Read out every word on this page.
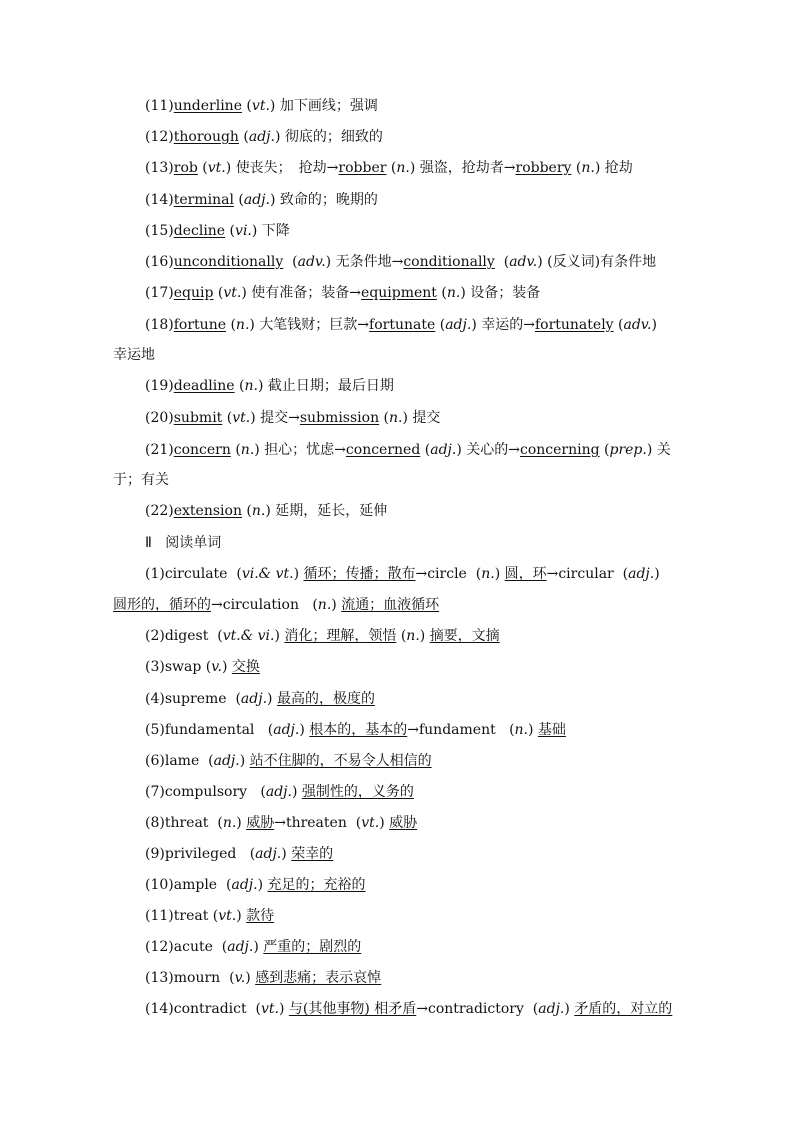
(11)underline (vt.) 加下画线；强调
(12)thorough (adj.) 彻底的；细致的
(13)rob (vt.) 使丧失；　抢劫→robber (n.) 强盗，抢劫者→robbery (n.) 抢劫
(14)terminal (adj.) 致命的；晚期的
(15)decline (vi.) 下降
(16)unconditionally  (adv.) 无条件地→conditionally  (adv.) (反义词)有条件地
(17)equip (vt.) 使有准备；装备→equipment (n.) 设备；装备
(18)fortune (n.) 大笔钱财；巨款→fortunate (adj.) 幸运的→fortunately (adv.)
幸运地
(19)deadline (n.) 截止日期；最后日期
(20)submit (vt.) 提交→submission (n.) 提交
(21)concern (n.) 担心；忧虑→concerned (adj.) 关心的→concerning (prep.) 关
于；有关
(22)extension (n.) 延期，延长，延伸
Ⅱ 阅读单词
(1)circulate  (vi.& vt.) 循环；传播；散布→circle  (n.) 圆，环→circular  (adj.)
圆形的，循环的→circulation   (n.) 流通；血液循环
(2)digest  (vt.& vi.) 消化；理解，领悟 (n.) 摘要，文摘
(3)swap (v.) 交换
(4)supreme  (adj.) 最高的，极度的
(5)fundamental   (adj.) 根本的，基本的→fundament   (n.) 基础
(6)lame  (adj.) 站不住脚的，不易令人相信的
(7)compulsory   (adj.) 强制性的，义务的
(8)threat  (n.) 威胁→threaten  (vt.) 威胁
(9)privileged   (adj.) 荣幸的
(10)ample  (adj.) 充足的；充裕的
(11)treat (vt.) 款待
(12)acute  (adj.) 严重的；剧烈的
(13)mourn  (v.) 感到悲痛；表示哀悼
(14)contradict  (vt.) 与(其他事物) 相矛盾→contradictory  (adj.) 矛盾的，对立的
